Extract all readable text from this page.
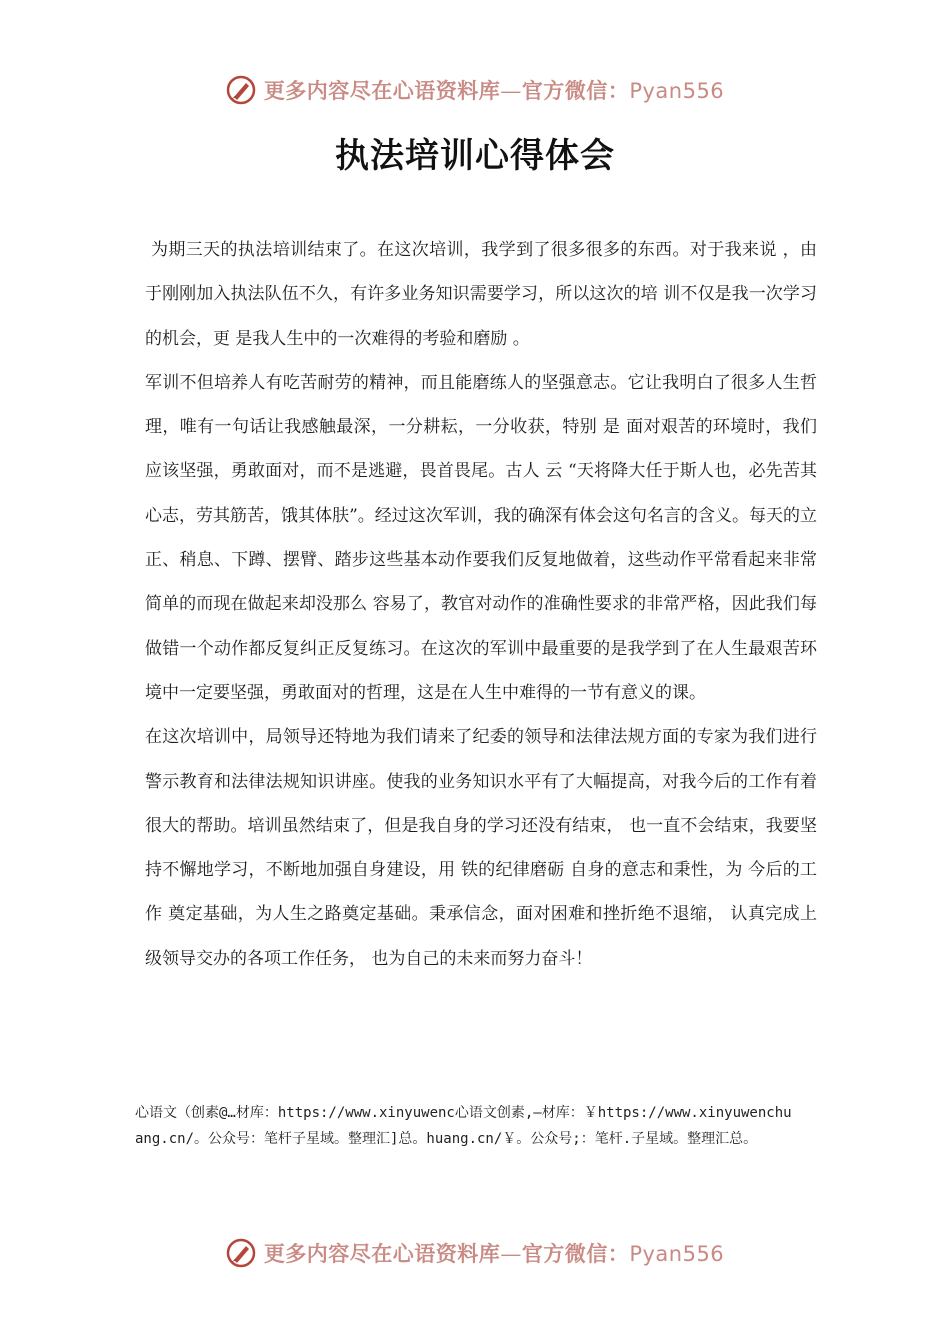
更多内容尽在心语资料库—官方微信：Pyan556
执法培训心得体会

为期三天的执法培训结束了。在这次培训，我学到了很多很多的东西。对于我来说 ，由于刚刚加入执法队伍不久，有许多业务知识需要学习，所以这次的培 训不仅是我一次学习的机会，更 是我人生中的一次难得的考验和磨励 。

军训不但培养人有吃苦耐劳的精神，而且能磨练人的坚强意志。它让我明白了很多人生哲理，唯有一句话让我感触最深，一分耕耘，一分收获，特别 是 面对艰苦的环境时，我们应该坚强，勇敢面对，而不是逃避，畏首畏尾。古人 云 “天将降大任于斯人也，必先苦其心志，劳其筋苦，饿其体肤”。经过这次军训，我的确深有体会这句名言的含义。每天的立正、稍息、下蹲、摆臂、踏步这些基本动作要我们反复地做着，这些动作平常看起来非常简单的而现在做起来却没那么 容易了，教官对动作的准确性要求的非常严格，因此我们每做错一个动作都反复纠正反复练习。在这次的军训中最重要的是我学到了在人生最艰苦环境中一定要坚强，勇敢面对的哲理，这是在人生中难得的一节有意义的课。

在这次培训中，局领导还特地为我们请来了纪委的领导和法律法规方面的专家为我们进行警示教育和法律法规知识讲座。使我的业务知识水平有了大幅提高，对我今后的工作有着很大的帮助。培训虽然结束了，但是我自身的学习还没有结束， 也一直不会结束，我要坚持不懈地学习，不断地加强自身建设，用 铁的纪律磨砺 自身的意志和秉性，为 今后的工作 奠定基础，为人生之路奠定基础。秉承信念，面对困难和挫折绝不退缩， 认真完成上级领导交办的各项工作任务， 也为自己的未来而努力奋斗！

心语文（创素@…材库：https://www.xinyuwenc心语文创素,—材库：￥https://www.xinyuwenchuang.cn/。公众号：笔杆子星域。整理汇]总。huang.cn/￥。公众号;：笔杆.子星域。整理汇总。
更多内容尽在心语资料库—官方微信：Pyan556
